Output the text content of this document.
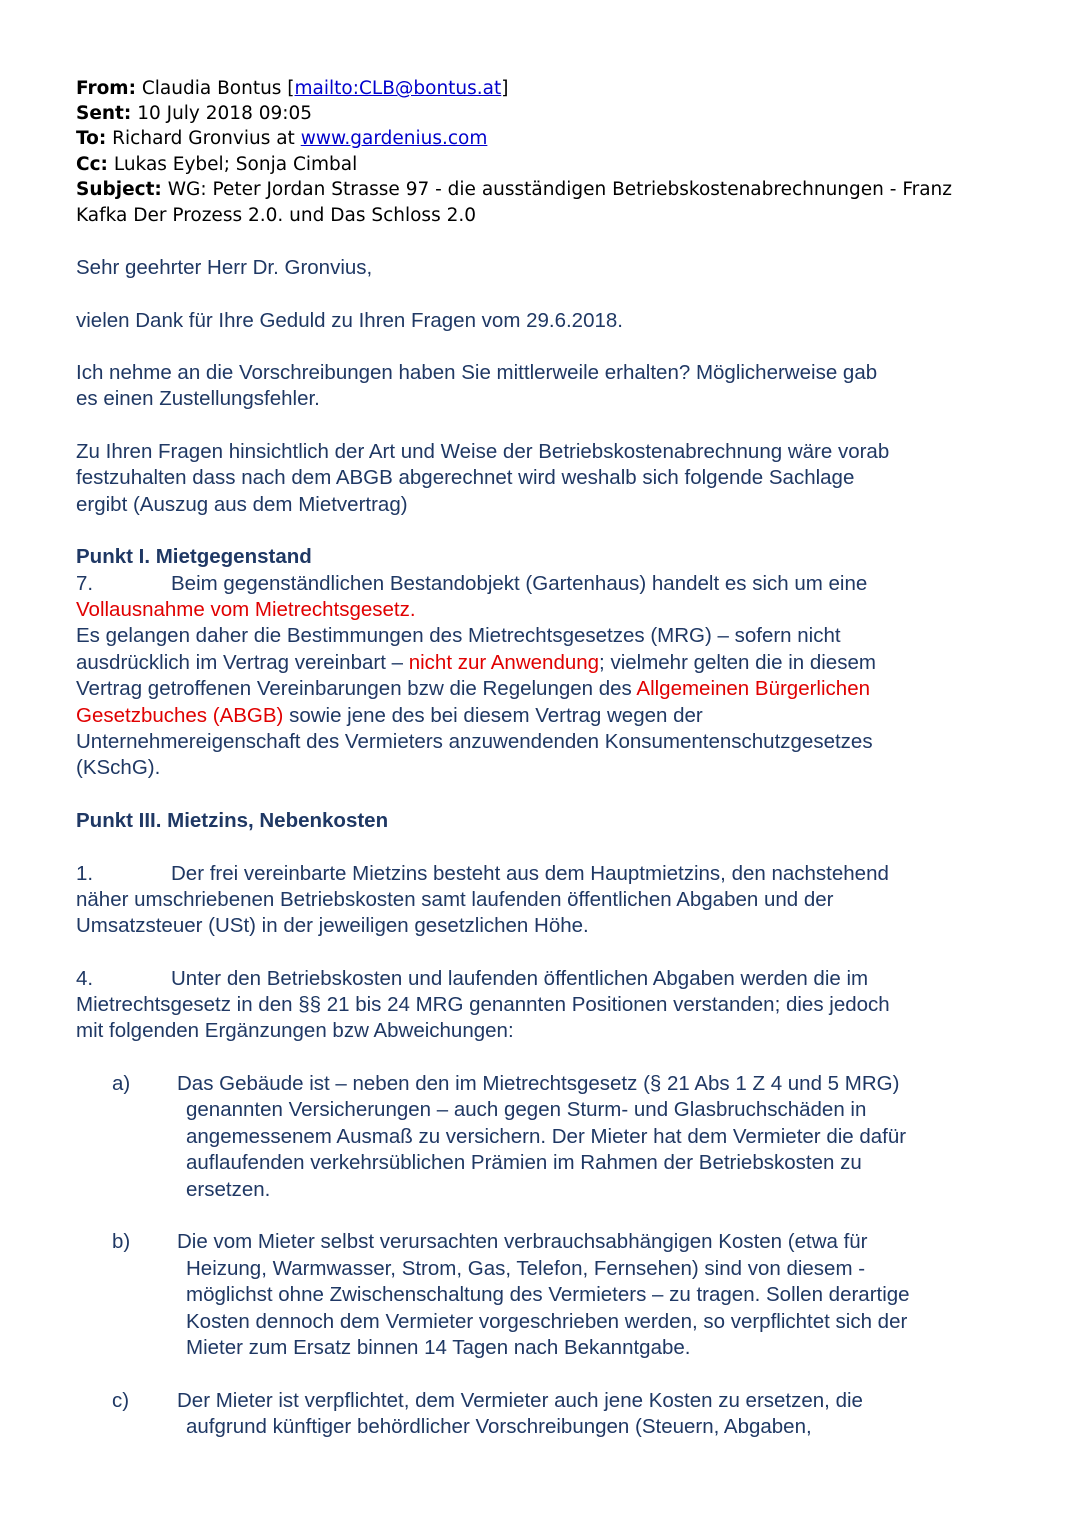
From: Claudia Bontus [mailto:CLB@bontus.at]
Sent: 10 July 2018 09:05
To: Richard Gronvius at www.gardenius.com
Cc: Lukas Eybel; Sonja Cimbal
Subject: WG: Peter Jordan Strasse 97 - die ausständigen Betriebskostenabrechnungen - Franz
Kafka Der Prozess 2.0. und Das Schloss 2.0
Sehr geehrter Herr Dr. Gronvius,
vielen Dank für Ihre Geduld zu Ihren Fragen vom 29.6.2018.
Ich nehme an die Vorschreibungen haben Sie mittlerweile erhalten? Möglicherweise gab
es einen Zustellungsfehler.
Zu Ihren Fragen hinsichtlich der Art und Weise der Betriebskostenabrechnung wäre vorab
festzuhalten dass nach dem ABGB abgerechnet wird weshalb sich folgende Sachlage
ergibt (Auszug aus dem Mietvertrag)
Punkt I. Mietgegenstand
7.	Beim gegenständlichen Bestandobjekt (Gartenhaus) handelt es sich um eine
Vollausnahme vom Mietrechtsgesetz.
Es gelangen daher die Bestimmungen des Mietrechtsgesetzes (MRG) – sofern nicht
ausdrücklich im Vertrag vereinbart – nicht zur Anwendung; vielmehr gelten die in diesem
Vertrag getroffenen Vereinbarungen bzw die Regelungen des Allgemeinen Bürgerlichen
Gesetzbuches (ABGB) sowie jene des bei diesem Vertrag wegen der
Unternehmereigenschaft des Vermieters anzuwendenden Konsumentenschutzgesetzes
(KSchG).
Punkt III. Mietzins, Nebenkosten
1.	Der frei vereinbarte Mietzins besteht aus dem Hauptmietzins, den nachstehend
näher umschriebenen Betriebskosten samt laufenden öffentlichen Abgaben und der
Umsatzsteuer (USt) in der jeweiligen gesetzlichen Höhe.
4.	Unter den Betriebskosten und laufenden öffentlichen Abgaben werden die im
Mietrechtsgesetz in den §§ 21 bis 24 MRG genannten Positionen verstanden; dies jedoch
mit folgenden Ergänzungen bzw Abweichungen:
a) Das Gebäude ist – neben den im Mietrechtsgesetz (§ 21 Abs 1 Z 4 und 5 MRG)
genannten Versicherungen – auch gegen Sturm- und Glasbruchschäden in
angemessenem Ausmaß zu versichern. Der Mieter hat dem Vermieter die dafür
auflaufenden verkehrsüblichen Prämien im Rahmen der Betriebskosten zu
ersetzen.
b) Die vom Mieter selbst verursachten verbrauchsabhängigen Kosten (etwa für
Heizung, Warmwasser, Strom, Gas, Telefon, Fernsehen) sind von diesem -
möglichst ohne Zwischenschaltung des Vermieters – zu tragen. Sollen derartige
Kosten dennoch dem Vermieter vorgeschrieben werden, so verpflichtet sich der
Mieter zum Ersatz binnen 14 Tagen nach Bekanntgabe.
c) Der Mieter ist verpflichtet, dem Vermieter auch jene Kosten zu ersetzen, die
aufgrund künftiger behördlicher Vorschreibungen (Steuern, Abgaben,
